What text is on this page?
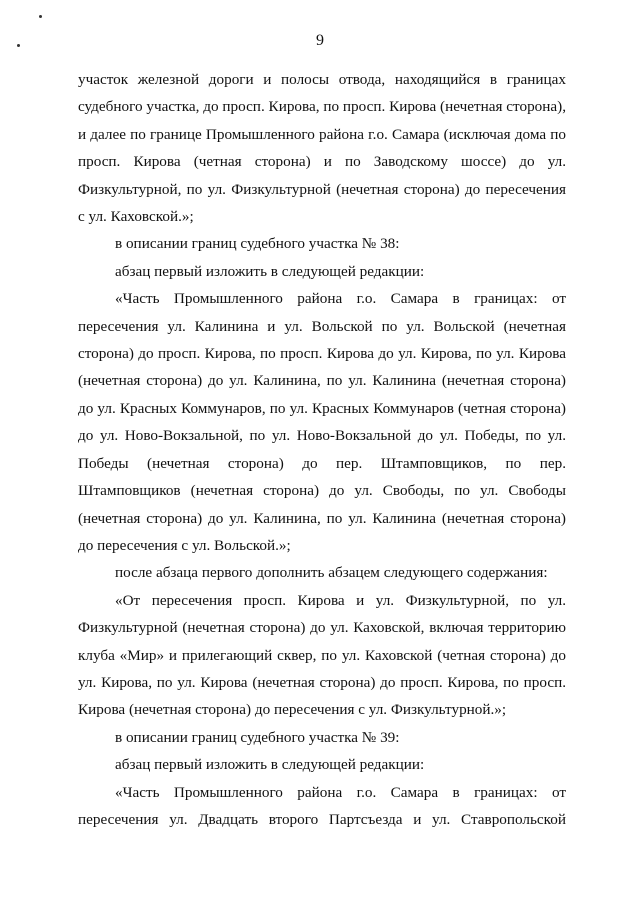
9

участок железной дороги и полосы отвода, находящийся в границах судебного участка, до просп. Кирова, по просп. Кирова (нечетная сторона), и далее по границе Промышленного района г.о. Самара (исключая дома по просп. Кирова (четная сторона) и по Заводскому шоссе) до ул. Физкультурной, по ул. Физкультурной (нечетная сторона) до пересечения с ул. Каховской.»;

в описании границ судебного участка № 38:

абзац первый изложить в следующей редакции:

«Часть Промышленного района г.о. Самара в границах: от пересечения ул. Калинина и ул. Вольской по ул. Вольской (нечетная сторона) до просп. Кирова, по просп. Кирова до ул. Кирова, по ул. Кирова (нечетная сторона) до ул. Калинина, по ул. Калинина (нечетная сторона) до ул. Красных Коммунаров, по ул. Красных Коммунаров (четная сторона) до ул. Ново-Вокзальной, по ул. Ново-Вокзальной до ул. Победы, по ул. Победы (нечетная сторона) до пер. Штамповщиков, по пер. Штамповщиков (нечетная сторона) до ул. Свободы, по ул. Свободы (нечетная сторона) до ул. Калинина, по ул. Калинина (нечетная сторона) до пересечения с ул. Вольской.»;

после абзаца первого дополнить абзацем следующего содержания:

«От пересечения просп. Кирова и ул. Физкультурной, по ул. Физкультурной (нечетная сторона) до ул. Каховской, включая территорию клуба «Мир» и прилегающий сквер, по ул. Каховской (четная сторона) до ул. Кирова, по ул. Кирова (нечетная сторона) до просп. Кирова, по просп. Кирова (нечетная сторона) до пересечения с ул. Физкультурной.»;

в описании границ судебного участка № 39:

абзац первый изложить в следующей редакции:

«Часть Промышленного района г.о. Самара в границах: от пересечения ул. Двадцать второго Партсъезда и ул. Ставропольской
